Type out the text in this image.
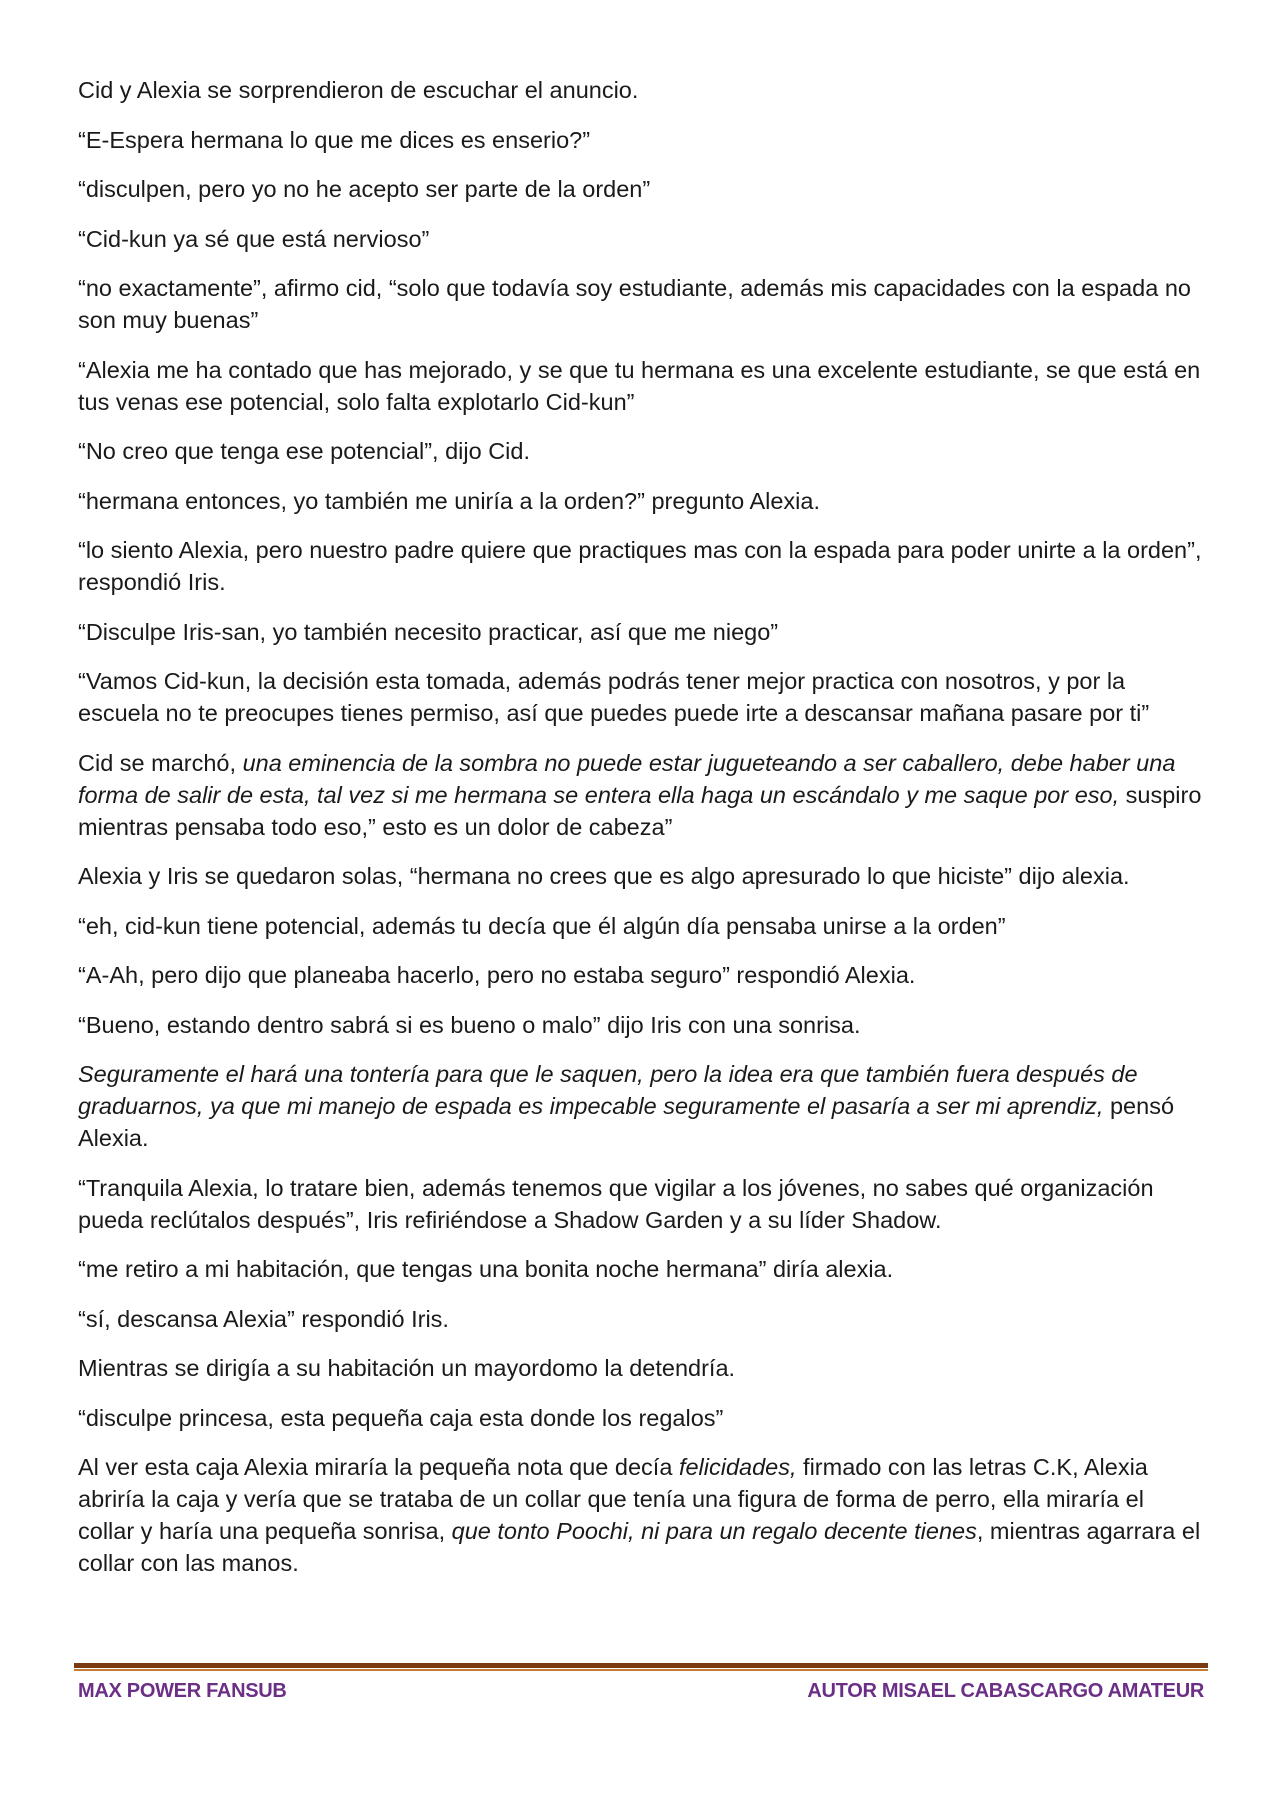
Cid y Alexia se sorprendieron de escuchar el anuncio.

“E-Espera hermana lo que me dices es enserio?”

“disculpen, pero yo no he acepto ser parte de la orden”

“Cid-kun ya sé que está nervioso”

“no exactamente”, afirmo cid, “solo que todavía soy estudiante, además mis capacidades con la espada no son muy buenas”

“Alexia me ha contado que has mejorado, y se que tu hermana es una excelente estudiante, se que está en tus venas ese potencial, solo falta explotarlo Cid-kun”

“No creo que tenga ese potencial”, dijo Cid.

“hermana entonces, yo también me uniría a la orden?” pregunto Alexia.

“lo siento Alexia, pero nuestro padre quiere que practiques mas con la espada para poder unirte a la orden”, respondió Iris.

“Disculpe Iris-san, yo también necesito practicar, así que me niego”

“Vamos Cid-kun, la decisión esta tomada, además podrás tener mejor practica con nosotros, y por la escuela no te preocupes tienes permiso, así que puedes puede irte a descansar mañana pasare por ti”

Cid se marchó, una eminencia de la sombra no puede estar jugueteando a ser caballero, debe haber una forma de salir de esta, tal vez si me hermana se entera ella haga un escándalo y me saque por eso, suspiro mientras pensaba todo eso,” esto es un dolor de cabeza”

Alexia y Iris se quedaron solas, “hermana no crees que es algo apresurado lo que hiciste” dijo alexia.

“eh, cid-kun tiene potencial, además tu decía que él algún día pensaba unirse a la orden”

“A-Ah, pero dijo que planeaba hacerlo, pero no estaba seguro” respondió Alexia.

“Bueno, estando dentro sabrá si es bueno o malo” dijo Iris con una sonrisa.

Seguramente el hará una tontería para que le saquen, pero la idea era que también fuera después de graduarnos, ya que mi manejo de espada es impecable seguramente el pasaría a ser mi aprendiz, pensó Alexia.

“Tranquila Alexia, lo tratare bien, además tenemos que vigilar a los jóvenes, no sabes qué organización pueda reclútalos después”, Iris refiriéndose a Shadow Garden y a su líder Shadow.

“me retiro a mi habitación, que tengas una bonita noche hermana” diría alexia.

“sí, descansa Alexia” respondió Iris.

Mientras se dirigía a su habitación un mayordomo la detendría.

“disculpe princesa, esta pequeña caja esta donde los regalos”

Al ver esta caja Alexia miraría la pequeña nota que decía felicidades, firmado con las letras C.K, Alexia abriría la caja y vería que se trataba de un collar que tenía una figura de forma de perro, ella miraría el collar y haría una pequeña sonrisa, que tonto Poochi, ni para un regalo decente tienes, mientras agarrara el collar con las manos.

MAX POWER FANSUB	AUTOR MISAEL CABASCARGO AMATEUR
